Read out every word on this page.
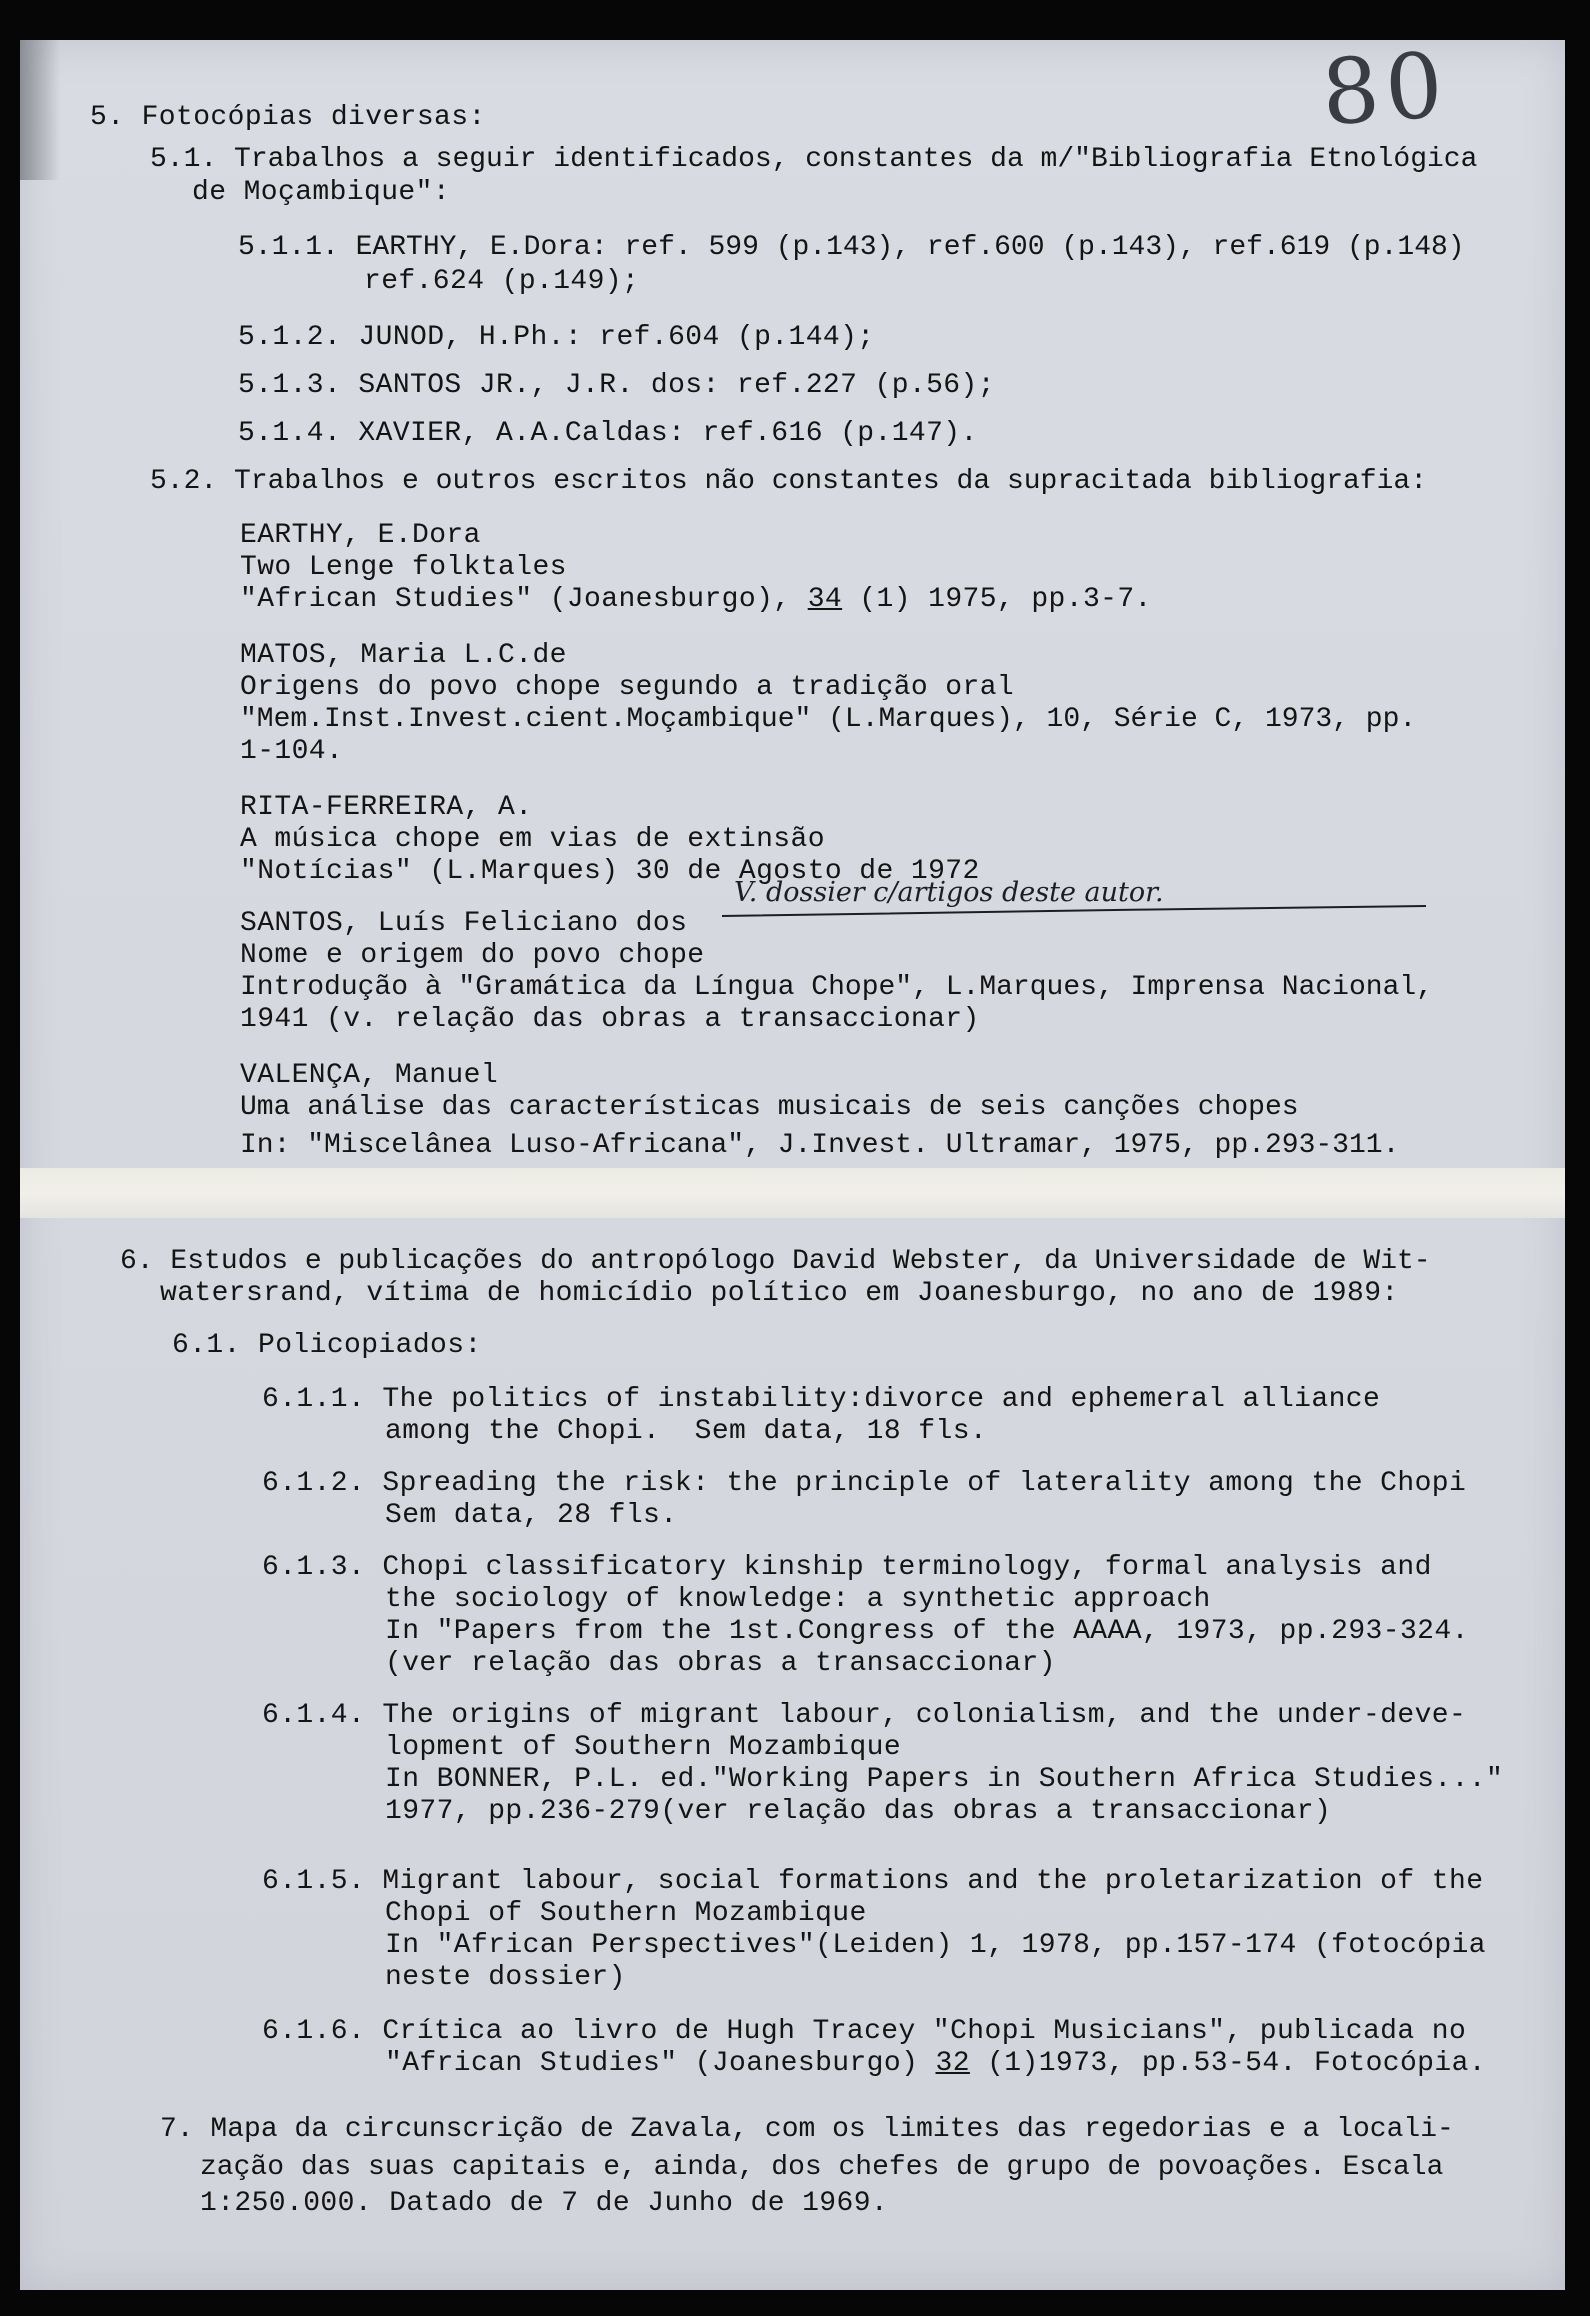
80
V. dossier c/artigos deste autor.
5. Fotocópias diversas:
5.1. Trabalhos a seguir identificados, constantes da m/"Bibliografia Etnológica
de Moçambique":
5.1.1. EARTHY, E.Dora: ref. 599 (p.143), ref.600 (p.143), ref.619 (p.148)
ref.624 (p.149);
5.1.2. JUNOD, H.Ph.: ref.604 (p.144);
5.1.3. SANTOS JR., J.R. dos: ref.227 (p.56);
5.1.4. XAVIER, A.A.Caldas: ref.616 (p.147).
5.2. Trabalhos e outros escritos não constantes da supracitada bibliografia:
EARTHY, E.Dora
Two Lenge folktales
"African Studies" (Joanesburgo), 34 (1) 1975, pp.3-7.
MATOS, Maria L.C.de
Origens do povo chope segundo a tradição oral
"Mem.Inst.Invest.cient.Moçambique" (L.Marques), 10, Série C, 1973, pp.
1-104.
RITA-FERREIRA, A.
A música chope em vias de extinsão
"Notícias" (L.Marques) 30 de Agosto de 1972
SANTOS, Luís Feliciano dos
Nome e origem do povo chope
Introdução à "Gramática da Língua Chope", L.Marques, Imprensa Nacional,
1941 (v. relação das obras a transaccionar)
VALENÇA, Manuel
Uma análise das características musicais de seis canções chopes
In: "Miscelânea Luso-Africana", J.Invest. Ultramar, 1975, pp.293-311.
6. Estudos e publicações do antropólogo David Webster, da Universidade de Wit-
watersrand, vítima de homicídio político em Joanesburgo, no ano de 1989:
6.1. Policopiados:
6.1.1. The politics of instability:divorce and ephemeral alliance
among the Chopi.  Sem data, 18 fls.
6.1.2. Spreading the risk: the principle of laterality among the Chopi
Sem data, 28 fls.
6.1.3. Chopi classificatory kinship terminology, formal analysis and
the sociology of knowledge: a synthetic approach
In "Papers from the 1st.Congress of the AAAA, 1973, pp.293-324.
(ver relação das obras a transaccionar)
6.1.4. The origins of migrant labour, colonialism, and the under-deve-
lopment of Southern Mozambique
In BONNER, P.L. ed."Working Papers in Southern Africa Studies..."
1977, pp.236-279(ver relação das obras a transaccionar)
6.1.5. Migrant labour, social formations and the proletarization of the
Chopi of Southern Mozambique
In "African Perspectives"(Leiden) 1, 1978, pp.157-174 (fotocópia
neste dossier)
6.1.6. Crítica ao livro de Hugh Tracey "Chopi Musicians", publicada no
"African Studies" (Joanesburgo) 32 (1)1973, pp.53-54. Fotocópia.
7. Mapa da circunscrição de Zavala, com os limites das regedorias e a locali-
zação das suas capitais e, ainda, dos chefes de grupo de povoações. Escala
1:250.000. Datado de 7 de Junho de 1969.
